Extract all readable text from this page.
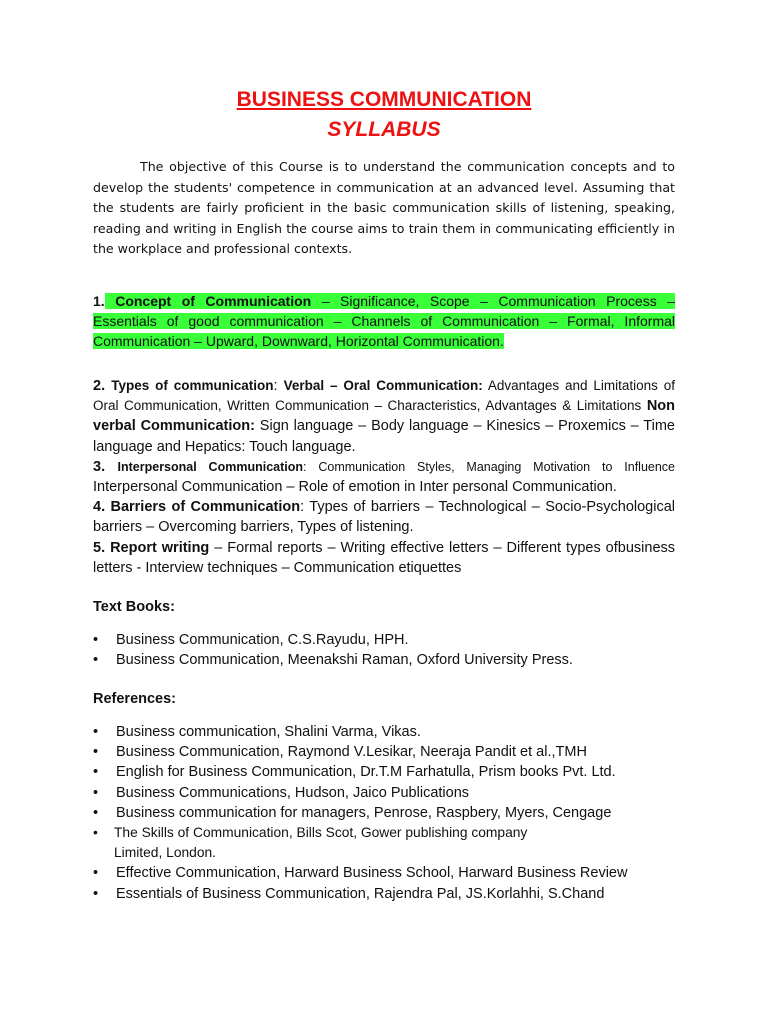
BUSINESS COMMUNICATION
SYLLABUS

The objective of this Course is to understand the communication concepts and to develop the students' competence in communication at an advanced level. Assuming that the students are fairly proficient in the basic communication skills of listening, speaking, reading and writing in English the course aims to train them in communicating efficiently in the workplace and professional contexts.

1. Concept of Communication – Significance, Scope – Communication Process – Essentials of good communication – Channels of Communication – Formal, Informal Communication – Upward, Downward, Horizontal Communication.
2. Types of communication: Verbal – Oral Communication: Advantages and Limitations of Oral Communication, Written Communication – Characteristics, Advantages & Limitations Non verbal Communication: Sign language – Body language – Kinesics – Proxemics – Time language and Hepatics: Touch language.
3. Interpersonal Communication: Communication Styles, Managing Motivation to Influence Interpersonal Communication – Role of emotion in Inter personal Communication.
4. Barriers of Communication: Types of barriers – Technological – Socio-Psychological barriers – Overcoming barriers, Types of listening.
5. Report writing – Formal reports – Writing effective letters – Different types ofbusiness letters - Interview techniques – Communication etiquettes
Text Books:
• Business Communication, C.S.Rayudu, HPH.
• Business Communication, Meenakshi Raman, Oxford University Press.
References:
• Business communication, Shalini Varma, Vikas.
• Business Communication, Raymond V.Lesikar, Neeraja Pandit et al.,TMH
• English for Business Communication, Dr.T.M Farhatulla, Prism books Pvt. Ltd.
• Business Communications, Hudson, Jaico Publications
• Business communication for managers, Penrose, Raspbery, Myers, Cengage
• The Skills of Communication, Bills Scot, Gower publishing company
Limited, London.
• Effective Communication, Harward Business School, Harward Business Review
• Essentials of Business Communication, Rajendra Pal, JS.Korlahhi, S.Chand
